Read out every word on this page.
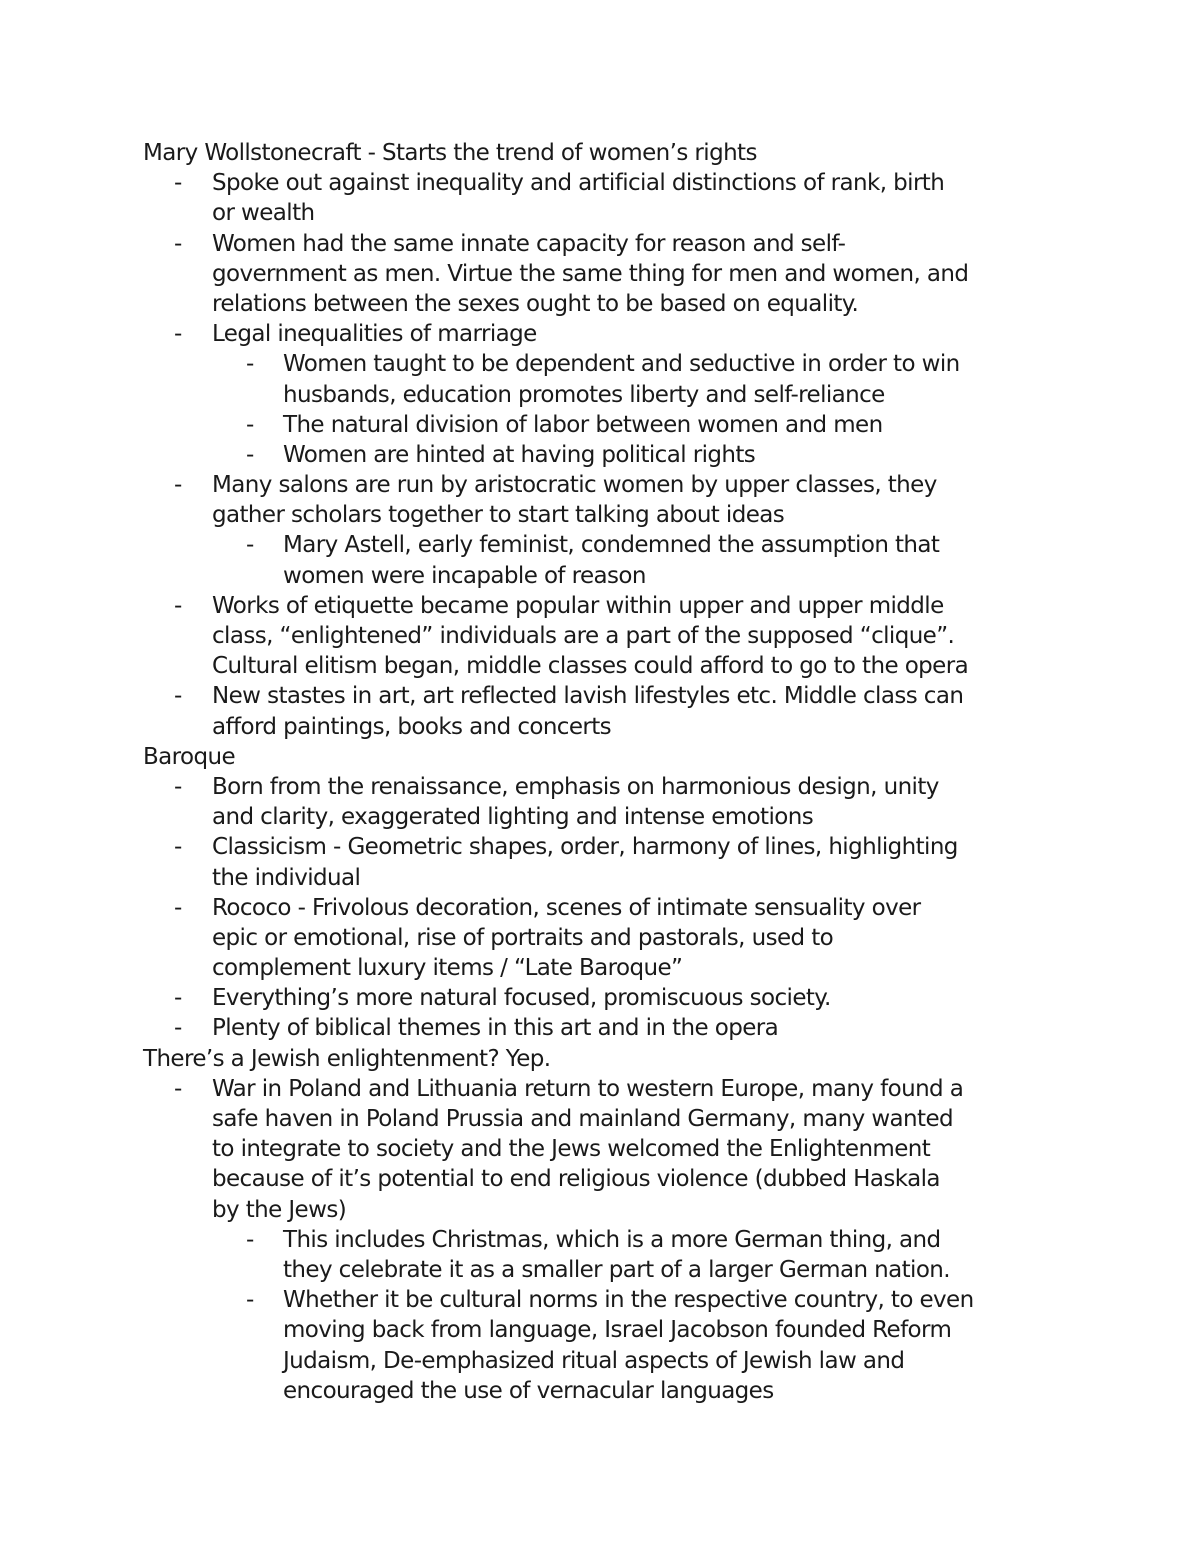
Mary Wollstonecraft - Starts the trend of women’s rights
- Spoke out against inequality and artificial distinctions of rank, birth
or wealth
- Women had the same innate capacity for reason and self-
government as men. Virtue the same thing for men and women, and
relations between the sexes ought to be based on equality.
- Legal inequalities of marriage
- Women taught to be dependent and seductive in order to win
husbands, education promotes liberty and self-reliance
- The natural division of labor between women and men
- Women are hinted at having political rights
- Many salons are run by aristocratic women by upper classes, they
gather scholars together to start talking about ideas
- Mary Astell, early feminist, condemned the assumption that
women were incapable of reason
- Works of etiquette became popular within upper and upper middle
class, “enlightened” individuals are a part of the supposed “clique”.
Cultural elitism began, middle classes could afford to go to the opera
- New stastes in art, art reflected lavish lifestyles etc. Middle class can
afford paintings, books and concerts
Baroque
- Born from the renaissance, emphasis on harmonious design, unity
and clarity, exaggerated lighting and intense emotions
- Classicism - Geometric shapes, order, harmony of lines, highlighting
the individual
- Rococo - Frivolous decoration, scenes of intimate sensuality over
epic or emotional, rise of portraits and pastorals, used to
complement luxury items / “Late Baroque”
- Everything’s more natural focused, promiscuous society.
- Plenty of biblical themes in this art and in the opera
There’s a Jewish enlightenment? Yep.
- War in Poland and Lithuania return to western Europe, many found a
safe haven in Poland Prussia and mainland Germany, many wanted
to integrate to society and the Jews welcomed the Enlightenment
because of it’s potential to end religious violence (dubbed Haskala
by the Jews)
- This includes Christmas, which is a more German thing, and
they celebrate it as a smaller part of a larger German nation.
- Whether it be cultural norms in the respective country, to even
moving back from language, Israel Jacobson founded Reform
Judaism, De-emphasized ritual aspects of Jewish law and
encouraged the use of vernacular languages
